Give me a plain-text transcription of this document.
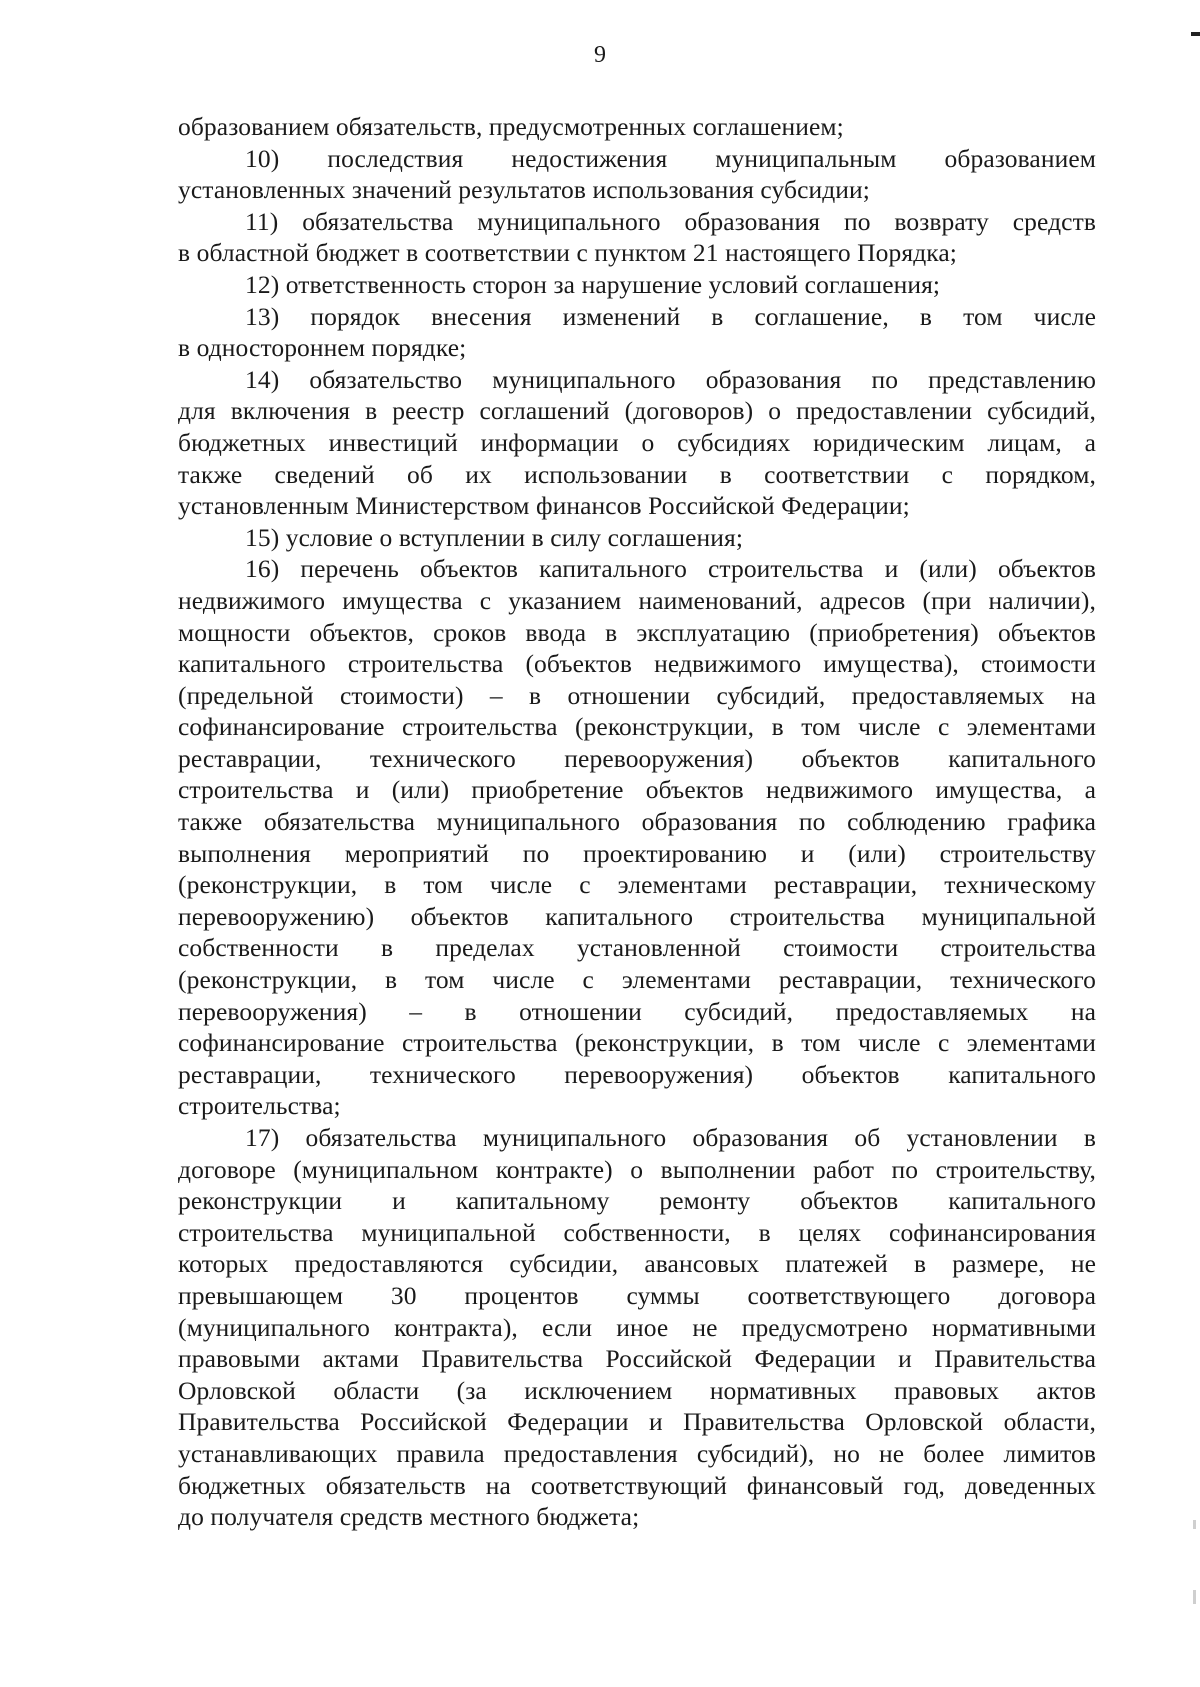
9
образованием обязательств, предусмотренных соглашением;
10) последствия недостижения муниципальным образованием
установленных значений результатов использования субсидии;
11) обязательства муниципального образования по возврату средств
в областной бюджет в соответствии с пунктом 21 настоящего Порядка;
12) ответственность сторон за нарушение условий соглашения;
13) порядок внесения изменений в соглашение, в том числе
в одностороннем порядке;
14) обязательство муниципального образования по представлению
для включения в реестр соглашений (договоров) о предоставлении субсидий,
бюджетных инвестиций информации о субсидиях юридическим лицам, а
также сведений об их использовании в соответствии с порядком,
установленным Министерством финансов Российской Федерации;
15) условие о вступлении в силу соглашения;
16) перечень объектов капитального строительства и (или) объектов
недвижимого имущества с указанием наименований, адресов (при наличии),
мощности объектов, сроков ввода в эксплуатацию (приобретения) объектов
капитального строительства (объектов недвижимого имущества), стоимости
(предельной стоимости) – в отношении субсидий, предоставляемых на
софинансирование строительства (реконструкции, в том числе с элементами
реставрации, технического перевооружения) объектов капитального
строительства и (или) приобретение объектов недвижимого имущества, а
также обязательства муниципального образования по соблюдению графика
выполнения мероприятий по проектированию и (или) строительству
(реконструкции, в том числе с элементами реставрации, техническому
перевооружению) объектов капитального строительства муниципальной
собственности в пределах установленной стоимости строительства
(реконструкции, в том числе с элементами реставрации, технического
перевооружения) – в отношении субсидий, предоставляемых на
софинансирование строительства (реконструкции, в том числе с элементами
реставрации, технического перевооружения) объектов капитального
строительства;
17) обязательства муниципального образования об установлении в
договоре (муниципальном контракте) о выполнении работ по строительству,
реконструкции и капитальному ремонту объектов капитального
строительства муниципальной собственности, в целях софинансирования
которых предоставляются субсидии, авансовых платежей в размере, не
превышающем 30 процентов суммы соответствующего договора
(муниципального контракта), если иное не предусмотрено нормативными
правовыми актами Правительства Российской Федерации и Правительства
Орловской области (за исключением нормативных правовых актов
Правительства Российской Федерации и Правительства Орловской области,
устанавливающих правила предоставления субсидий), но не более лимитов
бюджетных обязательств на соответствующий финансовый год, доведенных
до получателя средств местного бюджета;
